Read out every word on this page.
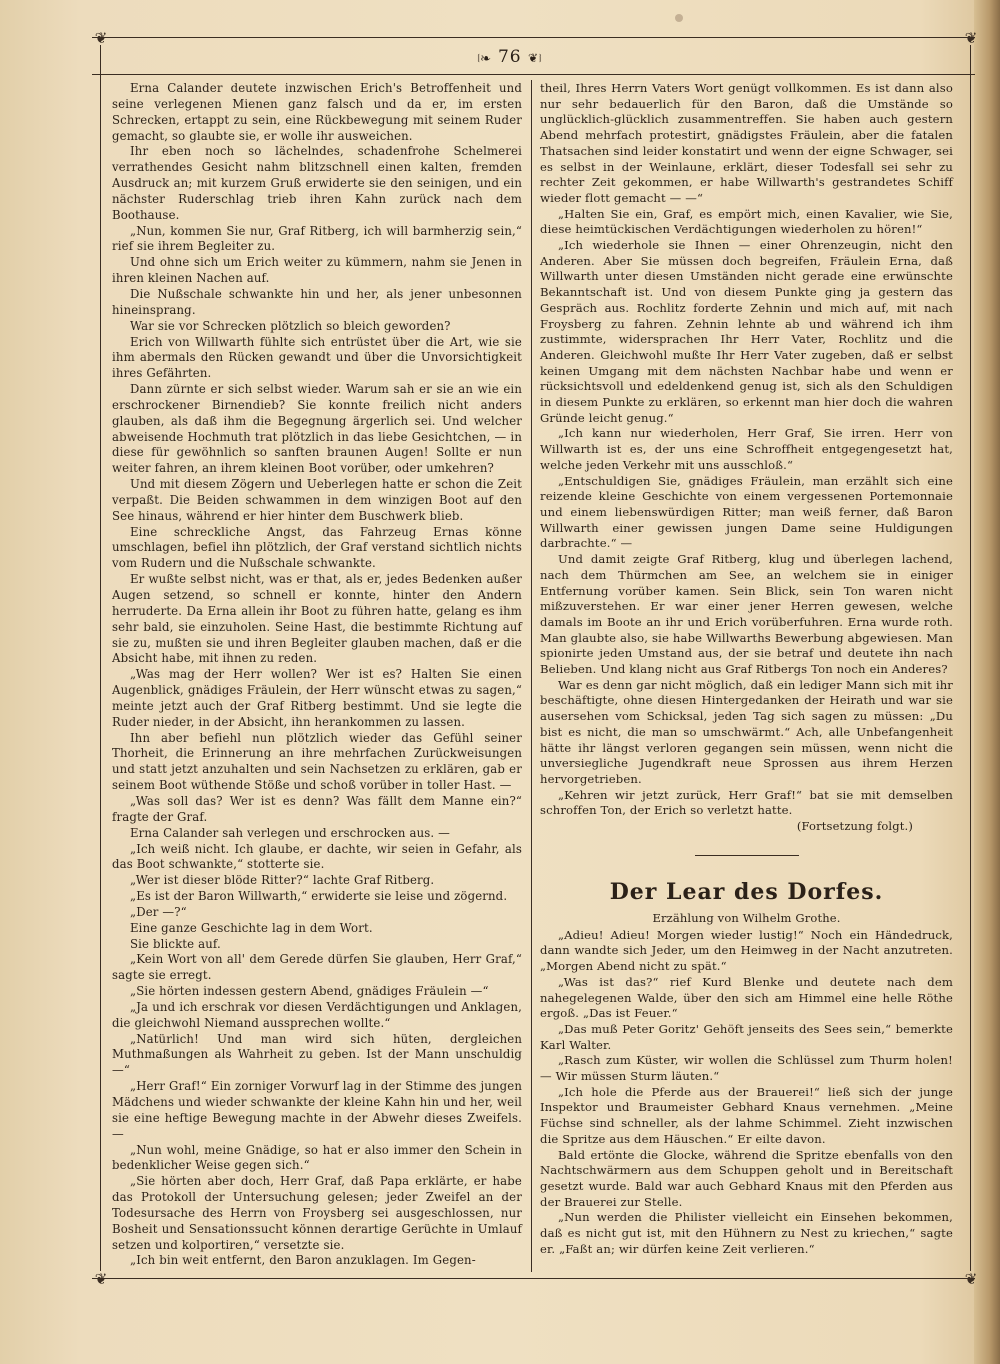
❦	❦
❦	❦
⧙❧ 76 ❦⧘

Erna Calander deutete inzwischen Erich's Betroffenheit und seine verlegenen Mienen ganz falsch und da er, im ersten Schrecken, ertappt zu sein, eine Rückbewegung mit seinem Ruder gemacht, so glaubte sie, er wolle ihr ausweichen.

Ihr eben noch so lächelndes, schadenfrohe Schelmerei verrathendes Gesicht nahm blitzschnell einen kalten, fremden Ausdruck an; mit kurzem Gruß erwiderte sie den seinigen, und ein nächster Ruderschlag trieb ihren Kahn zurück nach dem Boothause.

„Nun, kommen Sie nur, Graf Ritberg, ich will barmherzig sein,“ rief sie ihrem Begleiter zu.

Und ohne sich um Erich weiter zu kümmern, nahm sie Jenen in ihren kleinen Nachen auf.

Die Nußschale schwankte hin und her, als jener unbesonnen hineinsprang.

War sie vor Schrecken plötzlich so bleich geworden?

Erich von Willwarth fühlte sich entrüstet über die Art, wie sie ihm abermals den Rücken gewandt und über die Unvorsichtigkeit ihres Gefährten.

Dann zürnte er sich selbst wieder. Warum sah er sie an wie ein erschrockener Birnendieb? Sie konnte freilich nicht anders glauben, als daß ihm die Begegnung ärgerlich sei. Und welcher abweisende Hochmuth trat plötzlich in das liebe Gesichtchen, — in diese für gewöhnlich so sanften braunen Augen! Sollte er nun weiter fahren, an ihrem kleinen Boot vorüber, oder umkehren?

Und mit diesem Zögern und Ueberlegen hatte er schon die Zeit verpaßt. Die Beiden schwammen in dem winzigen Boot auf den See hinaus, während er hier hinter dem Buschwerk blieb.

Eine schreckliche Angst, das Fahrzeug Ernas könne umschlagen, befiel ihn plötzlich, der Graf verstand sichtlich nichts vom Rudern und die Nußschale schwankte.

Er wußte selbst nicht, was er that, als er, jedes Bedenken außer Augen setzend, so schnell er konnte, hinter den Andern herruderte. Da Erna allein ihr Boot zu führen hatte, gelang es ihm sehr bald, sie einzuholen. Seine Hast, die bestimmte Richtung auf sie zu, mußten sie und ihren Begleiter glauben machen, daß er die Absicht habe, mit ihnen zu reden.

„Was mag der Herr wollen? Wer ist es? Halten Sie einen Augenblick, gnädiges Fräulein, der Herr wünscht etwas zu sagen,“ meinte jetzt auch der Graf Ritberg bestimmt. Und sie legte die Ruder nieder, in der Absicht, ihn herankommen zu lassen.

Ihn aber befiehl nun plötzlich wieder das Gefühl seiner Thorheit, die Erinnerung an ihre mehrfachen Zurückweisungen und statt jetzt anzuhalten und sein Nachsetzen zu erklären, gab er seinem Boot wüthende Stöße und schoß vorüber in toller Hast. —

„Was soll das? Wer ist es denn? Was fällt dem Manne ein?“ fragte der Graf.

Erna Calander sah verlegen und erschrocken aus. —

„Ich weiß nicht. Ich glaube, er dachte, wir seien in Gefahr, als das Boot schwankte,“ stotterte sie.

„Wer ist dieser blöde Ritter?“ lachte Graf Ritberg.

„Es ist der Baron Willwarth,“ erwiderte sie leise und zögernd.

„Der —?“

Eine ganze Geschichte lag in dem Wort.

Sie blickte auf.

„Kein Wort von all' dem Gerede dürfen Sie glauben, Herr Graf,“ sagte sie erregt.

„Sie hörten indessen gestern Abend, gnädiges Fräulein —“

„Ja und ich erschrak vor diesen Verdächtigungen und Anklagen, die gleichwohl Niemand aussprechen wollte.“

„Natürlich! Und man wird sich hüten, dergleichen Muthmaßungen als Wahrheit zu geben. Ist der Mann unschuldig —“

„Herr Graf!“ Ein zorniger Vorwurf lag in der Stimme des jungen Mädchens und wieder schwankte der kleine Kahn hin und her, weil sie eine heftige Bewegung machte in der Abwehr dieses Zweifels. —

„Nun wohl, meine Gnädige, so hat er also immer den Schein in bedenklicher Weise gegen sich.“

„Sie hörten aber doch, Herr Graf, daß Papa erklärte, er habe das Protokoll der Untersuchung gelesen; jeder Zweifel an der Todesursache des Herrn von Froysberg sei ausgeschlossen, nur Bosheit und Sensationssucht können derartige Gerüchte in Umlauf setzen und kolportiren,“ versetzte sie.

„Ich bin weit entfernt, den Baron anzuklagen. Im Gegen-

theil, Ihres Herrn Vaters Wort genügt vollkommen. Es ist dann also nur sehr bedauerlich für den Baron, daß die Umstände so unglücklich-glücklich zusammentreffen. Sie haben auch gestern Abend mehrfach protestirt, gnädigstes Fräulein, aber die fatalen Thatsachen sind leider konstatirt und wenn der eigne Schwager, sei es selbst in der Weinlaune, erklärt, dieser Todesfall sei sehr zu rechter Zeit gekommen, er habe Willwarth's gestrandetes Schiff wieder flott gemacht — —“

„Halten Sie ein, Graf, es empört mich, einen Kavalier, wie Sie, diese heimtückischen Verdächtigungen wiederholen zu hören!“

„Ich wiederhole sie Ihnen — einer Ohrenzeugin, nicht den Anderen. Aber Sie müssen doch begreifen, Fräulein Erna, daß Willwarth unter diesen Umständen nicht gerade eine erwünschte Bekanntschaft ist. Und von diesem Punkte ging ja gestern das Gespräch aus. Rochlitz forderte Zehnin und mich auf, mit nach Froysberg zu fahren. Zehnin lehnte ab und während ich ihm zustimmte, widersprachen Ihr Herr Vater, Rochlitz und die Anderen. Gleichwohl mußte Ihr Herr Vater zugeben, daß er selbst keinen Umgang mit dem nächsten Nachbar habe und wenn er rücksichtsvoll und edeldenkend genug ist, sich als den Schuldigen in diesem Punkte zu erklären, so erkennt man hier doch die wahren Gründe leicht genug.“

„Ich kann nur wiederholen, Herr Graf, Sie irren. Herr von Willwarth ist es, der uns eine Schroffheit entgegengesetzt hat, welche jeden Verkehr mit uns ausschloß.“

„Entschuldigen Sie, gnädiges Fräulein, man erzählt sich eine reizende kleine Geschichte von einem vergessenen Portemonnaie und einem liebenswürdigen Ritter; man weiß ferner, daß Baron Willwarth einer gewissen jungen Dame seine Huldigungen darbrachte.“ —

Und damit zeigte Graf Ritberg, klug und überlegen lachend, nach dem Thürmchen am See, an welchem sie in einiger Entfernung vorüber kamen. Sein Blick, sein Ton waren nicht mißzuverstehen. Er war einer jener Herren gewesen, welche damals im Boote an ihr und Erich vorüberfuhren. Erna wurde roth. Man glaubte also, sie habe Willwarths Bewerbung abgewiesen. Man spionirte jeden Umstand aus, der sie betraf und deutete ihn nach Belieben. Und klang nicht aus Graf Ritbergs Ton noch ein Anderes?

War es denn gar nicht möglich, daß ein lediger Mann sich mit ihr beschäftigte, ohne diesen Hintergedanken der Heirath und war sie ausersehen vom Schicksal, jeden Tag sich sagen zu müssen: „Du bist es nicht, die man so umschwärmt.“ Ach, alle Unbefangenheit hätte ihr längst verloren gegangen sein müssen, wenn nicht die unversiegliche Jugendkraft neue Sprossen aus ihrem Herzen hervorgetrieben.

„Kehren wir jetzt zurück, Herr Graf!“ bat sie mit demselben schroffen Ton, der Erich so verletzt hatte.

(Fortsetzung folgt.)

Der Lear des Dorfes.

Erzählung von Wilhelm Grothe.

„Adieu! Adieu! Morgen wieder lustig!“ Noch ein Händedruck, dann wandte sich Jeder, um den Heimweg in der Nacht anzutreten. „Morgen Abend nicht zu spät.“

„Was ist das?“ rief Kurd Blenke und deutete nach dem nahegelegenen Walde, über den sich am Himmel eine helle Röthe ergoß. „Das ist Feuer.“

„Das muß Peter Goritz' Gehöft jenseits des Sees sein,“ bemerkte Karl Walter.

„Rasch zum Küster, wir wollen die Schlüssel zum Thurm holen! — Wir müssen Sturm läuten.“

„Ich hole die Pferde aus der Brauerei!“ ließ sich der junge Inspektor und Braumeister Gebhard Knaus vernehmen. „Meine Füchse sind schneller, als der lahme Schimmel. Zieht inzwischen die Spritze aus dem Häuschen.“ Er eilte davon.

Bald ertönte die Glocke, während die Spritze ebenfalls von den Nachtschwärmern aus dem Schuppen geholt und in Bereitschaft gesetzt wurde. Bald war auch Gebhard Knaus mit den Pferden aus der Brauerei zur Stelle.

„Nun werden die Philister vielleicht ein Einsehen bekommen, daß es nicht gut ist, mit den Hühnern zu Nest zu kriechen,“ sagte er. „Faßt an; wir dürfen keine Zeit verlieren.“
